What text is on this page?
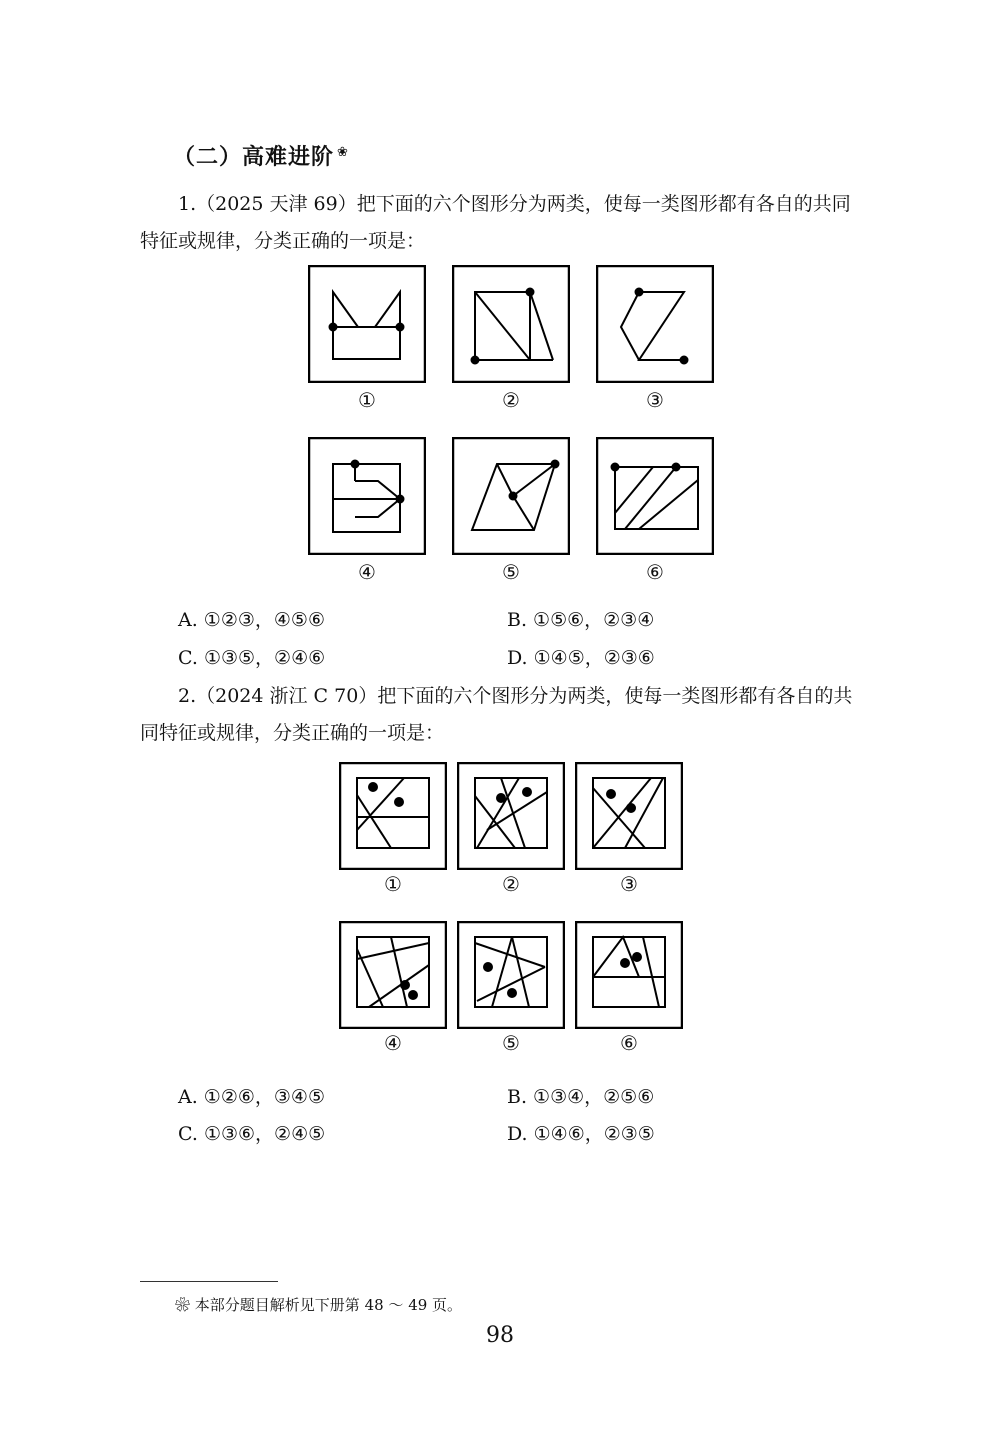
（二）高难进阶 ❀
1.（2025 天津 69）把下面的六个图形分为两类，使每一类图形都有各自的共同
特征或规律，分类正确的一项是：
①	②	③
④	⑤	⑥
A. ①②③，④⑤⑥	B. ①⑤⑥，②③④
C. ①③⑤，②④⑥	D. ①④⑤，②③⑥
2.（2024 浙江 C 70）把下面的六个图形分为两类，使每一类图形都有各自的共
同特征或规律，分类正确的一项是：
①	②	③
④	⑤	⑥
A. ①②⑥，③④⑤	B. ①③④，②⑤⑥
C. ①③⑥，②④⑤	D. ①④⑥，②③⑤
❀ 本部分题目解析见下册第 48 ～ 49 页。
98
